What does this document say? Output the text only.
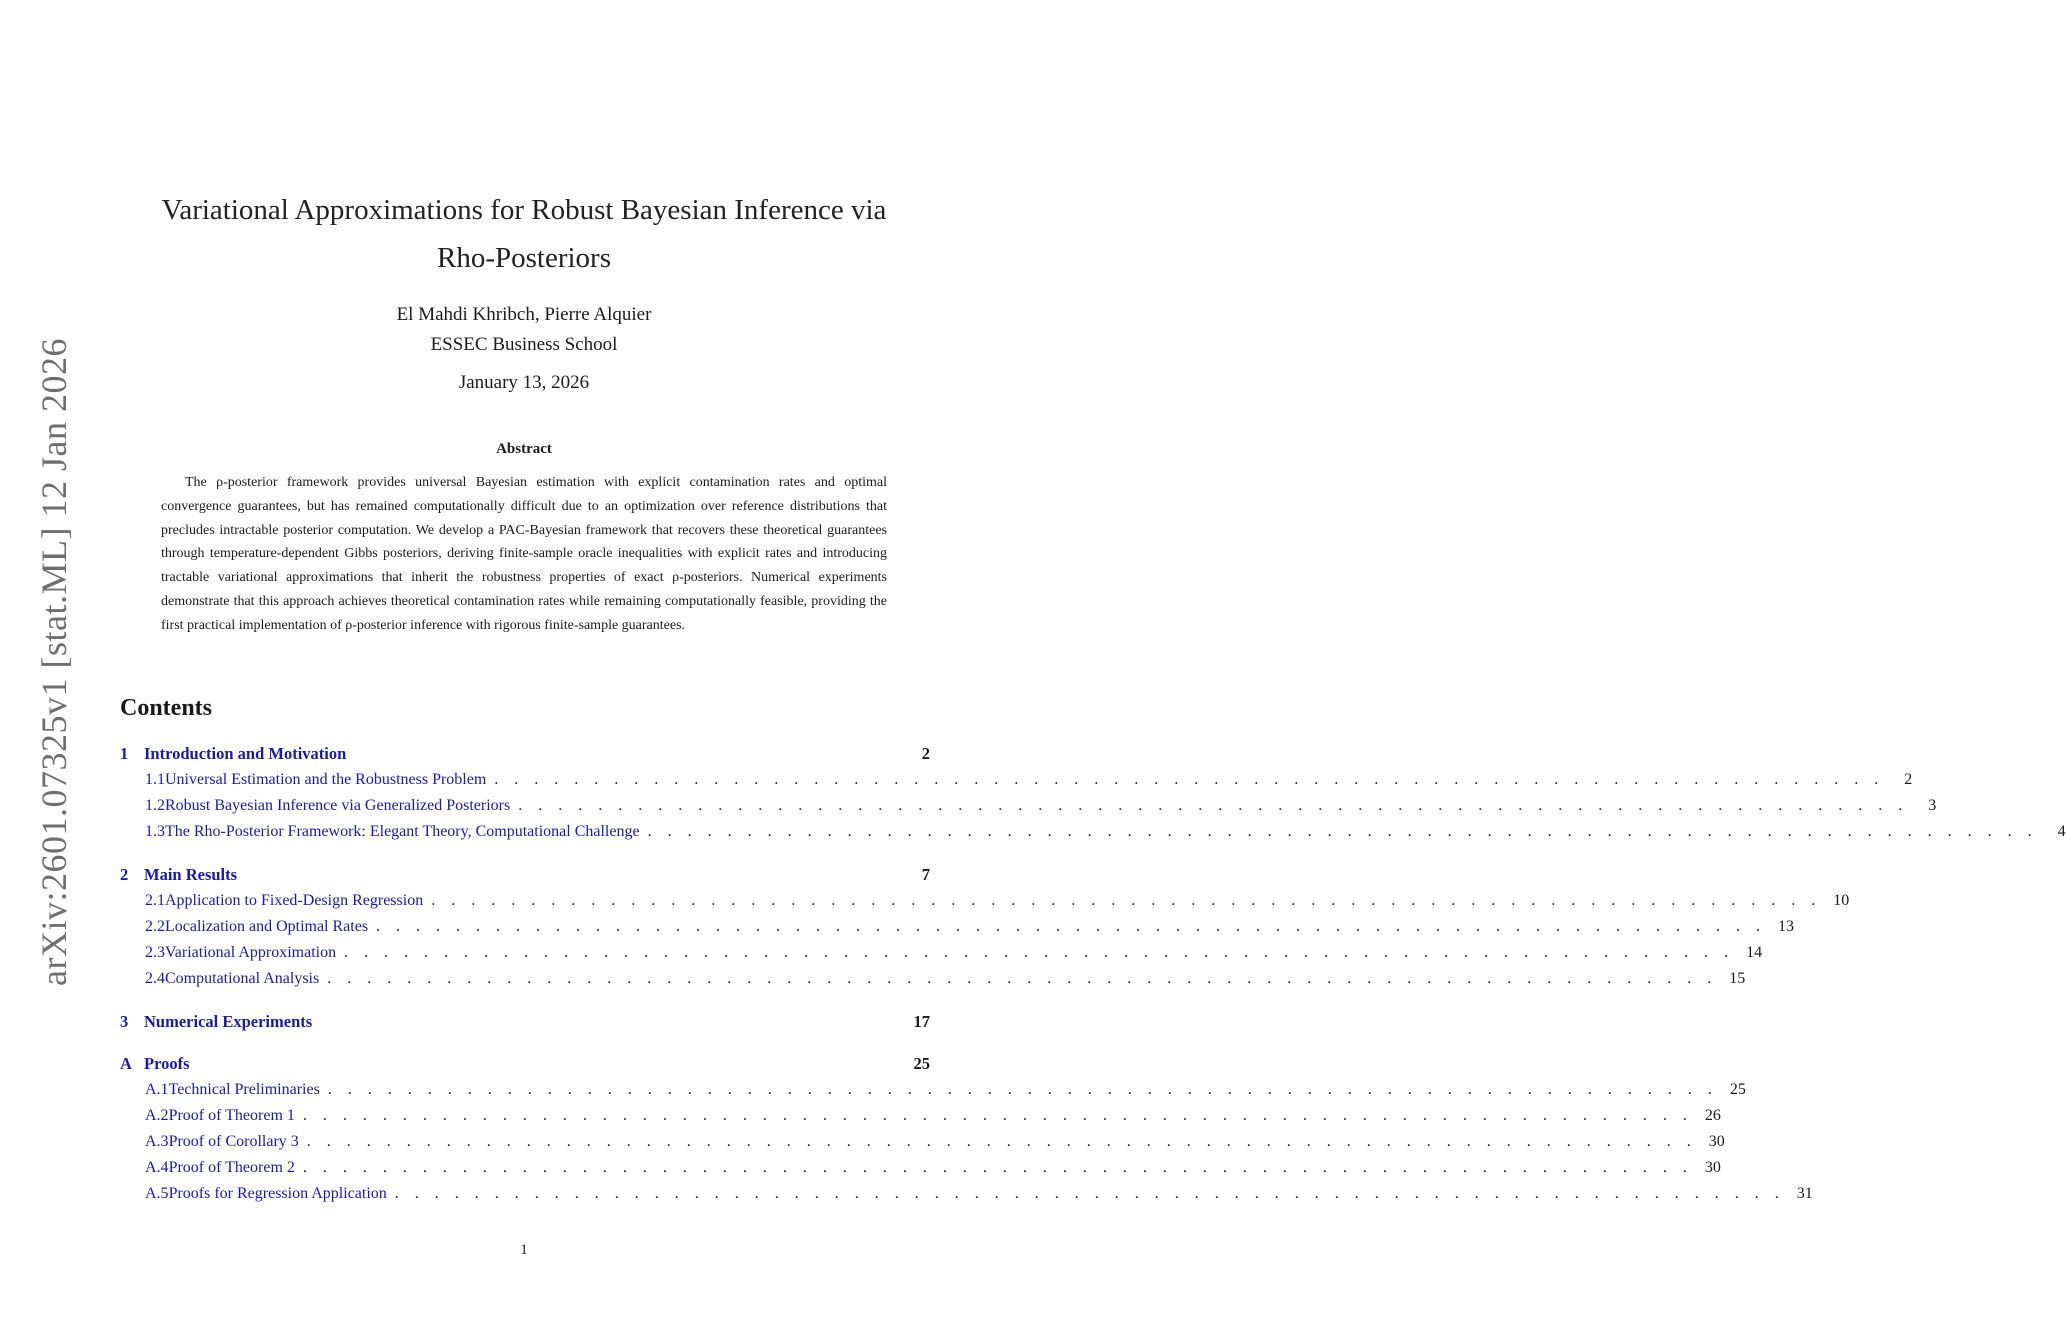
arXiv:2601.07325v1 [stat.ML] 12 Jan 2026
Variational Approximations for Robust Bayesian Inference via
Rho-Posteriors
El Mahdi Khribch, Pierre Alquier
ESSEC Business School
January 13, 2026
Abstract

The ρ-posterior framework provides universal Bayesian estimation with explicit contamination rates and optimal convergence guarantees, but has remained computationally difficult due to an optimization over reference distributions that precludes intractable posterior computation. We develop a PAC-Bayesian framework that recovers these theoretical guarantees through temperature-dependent Gibbs posteriors, deriving finite-sample oracle inequalities with explicit rates and introducing tractable variational approximations that inherit the robustness properties of exact ρ-posteriors. Numerical experiments demonstrate that this approach achieves theoretical contamination rates while remaining computationally feasible, providing the first practical implementation of ρ-posterior inference with rigorous finite-sample guarantees.

Contents
1 Introduction and Motivation	2
1.1 Universal Estimation and the Robustness Problem . . . . . . . . . . . . . . . . . . . . . . . . . . . . . . . . . . . . . . . . . . . . . . . . . . . . . . . . . . . . . . . . . . . . . .	2
1.2 Robust Bayesian Inference via Generalized Posteriors . . . . . . . . . . . . . . . . . . . . . . . . . . . . . . . . . . . . . . . . . . . . . . . . . . . . . . . . . . . . . . . . . . . . . .	3
1.3 The Rho-Posterior Framework: Elegant Theory, Computational Challenge . . . . . . . . . . . . . . . . . . . . . . . . . . . . . . . . . . . . . . . . . . . . . . . . . . . . . . . . . . . . . . . . . . . . . .	4
2 Main Results	7
2.1 Application to Fixed-Design Regression . . . . . . . . . . . . . . . . . . . . . . . . . . . . . . . . . . . . . . . . . . . . . . . . . . . . . . . . . . . . . . . . . . . . . . 10
2.2 Localization and Optimal Rates . . . . . . . . . . . . . . . . . . . . . . . . . . . . . . . . . . . . . . . . . . . . . . . . . . . . . . . . . . . . . . . . . . . . . . 13
2.3 Variational Approximation . . . . . . . . . . . . . . . . . . . . . . . . . . . . . . . . . . . . . . . . . . . . . . . . . . . . . . . . . . . . . . . . . . . . . . 14
2.4 Computational Analysis . . . . . . . . . . . . . . . . . . . . . . . . . . . . . . . . . . . . . . . . . . . . . . . . . . . . . . . . . . . . . . . . . . . . . . 15
3 Numerical Experiments	17
A Proofs	25
A.1 Technical Preliminaries . . . . . . . . . . . . . . . . . . . . . . . . . . . . . . . . . . . . . . . . . . . . . . . . . . . . . . . . . . . . . . . . . . . . . . 25
A.2 Proof of Theorem 1 . . . . . . . . . . . . . . . . . . . . . . . . . . . . . . . . . . . . . . . . . . . . . . . . . . . . . . . . . . . . . . . . . . . . . . 26
A.3 Proof of Corollary 3 . . . . . . . . . . . . . . . . . . . . . . . . . . . . . . . . . . . . . . . . . . . . . . . . . . . . . . . . . . . . . . . . . . . . . . 30
A.4 Proof of Theorem 2 . . . . . . . . . . . . . . . . . . . . . . . . . . . . . . . . . . . . . . . . . . . . . . . . . . . . . . . . . . . . . . . . . . . . . . 30
A.5 Proofs for Regression Application . . . . . . . . . . . . . . . . . . . . . . . . . . . . . . . . . . . . . . . . . . . . . . . . . . . . . . . . . . . . . . . . . . . . . . 31
1
